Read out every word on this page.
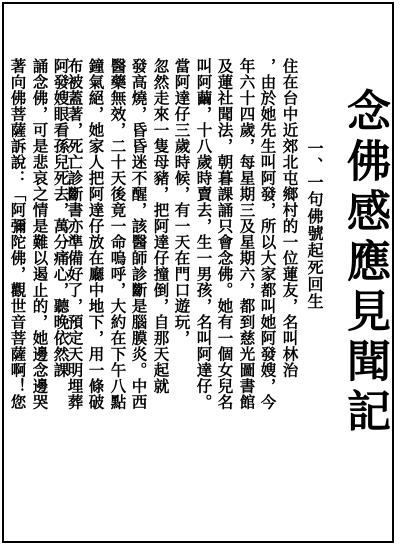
念佛感應見聞記
一、一句佛號起死回生
住在台中近郊北屯鄉村的一位蓮友，名叫林治
，由於她先生叫阿發，所以大家都叫她阿發嫂，今
年六十四歲，每星期三及星期六，都到慈光圖書館
及蓮社聞法，朝暮課誦只會念佛。她有一個女兒名
叫阿繭，十八歲時賣去，生一男孩，名叫阿達仔。
當阿達仔三歲時候，有一天在門口遊玩，
忽然走來一隻母豬，把阿達仔撞倒，自那天起就
發高燒，昏昏迷不醒，該醫師診斷是腦膜炎。中西
醫藥無效，二十天後竟一命嗚呼，大約在下午八點
鐘氣絕，她家人把阿達仔放在廳中地下，用一條破
布被蓋著，死亡診斷書亦準備好了，預定天明埋葬
阿發嫂眼看孫兒死去，萬分痛心，聽晚依然課
誦念佛，可是悲哀之情是難以遏止的，她邊念邊哭
著向佛菩薩訴說：「阿彌陀佛，觀世音菩薩啊！您
